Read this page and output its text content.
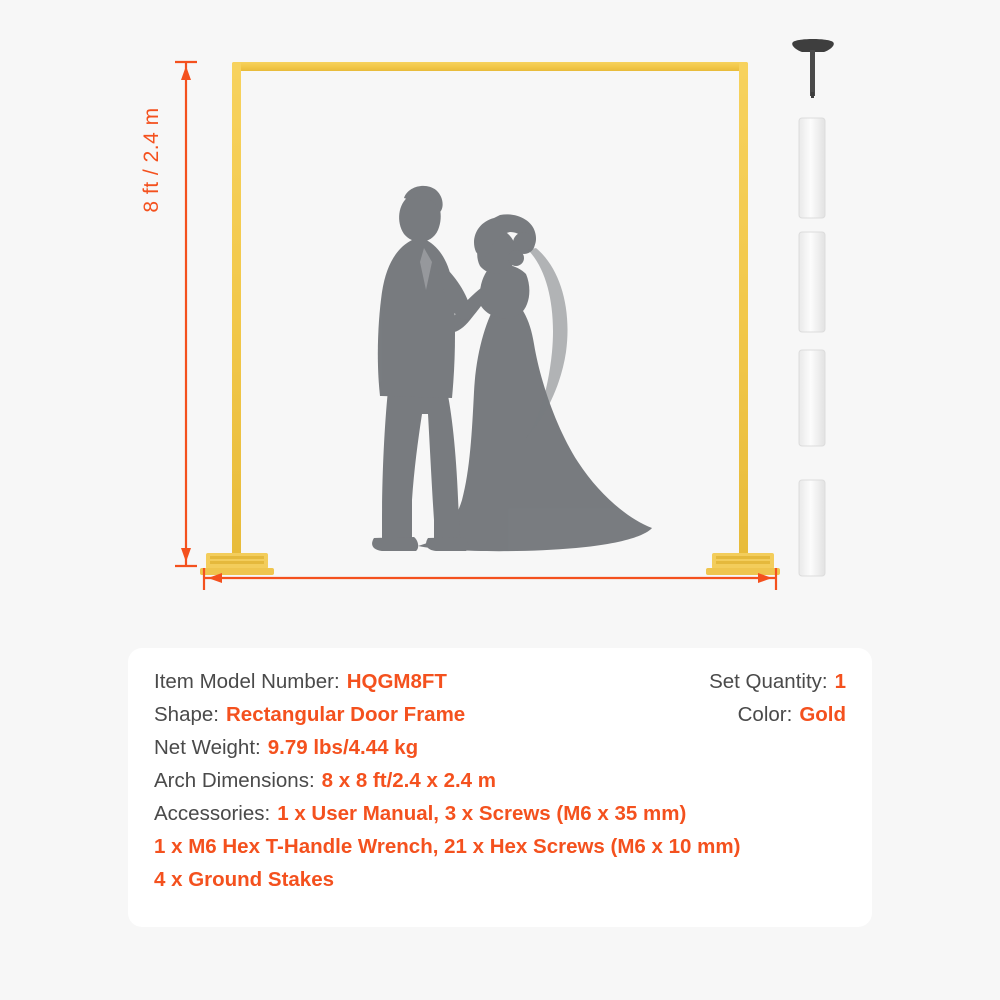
8 ft / 2.4 m
Item Model Number: HQGM8FT	Set Quantity: 1
Shape: Rectangular Door Frame	Color: Gold
Net Weight: 9.79 lbs/4.44 kg
Arch Dimensions: 8 x 8 ft/2.4 x 2.4 m
Accessories: 1 x User Manual, 3 x Screws (M6 x 35 mm)
1 x M6 Hex T-Handle Wrench, 21 x Hex Screws (M6 x 10 mm)
4 x Ground Stakes
